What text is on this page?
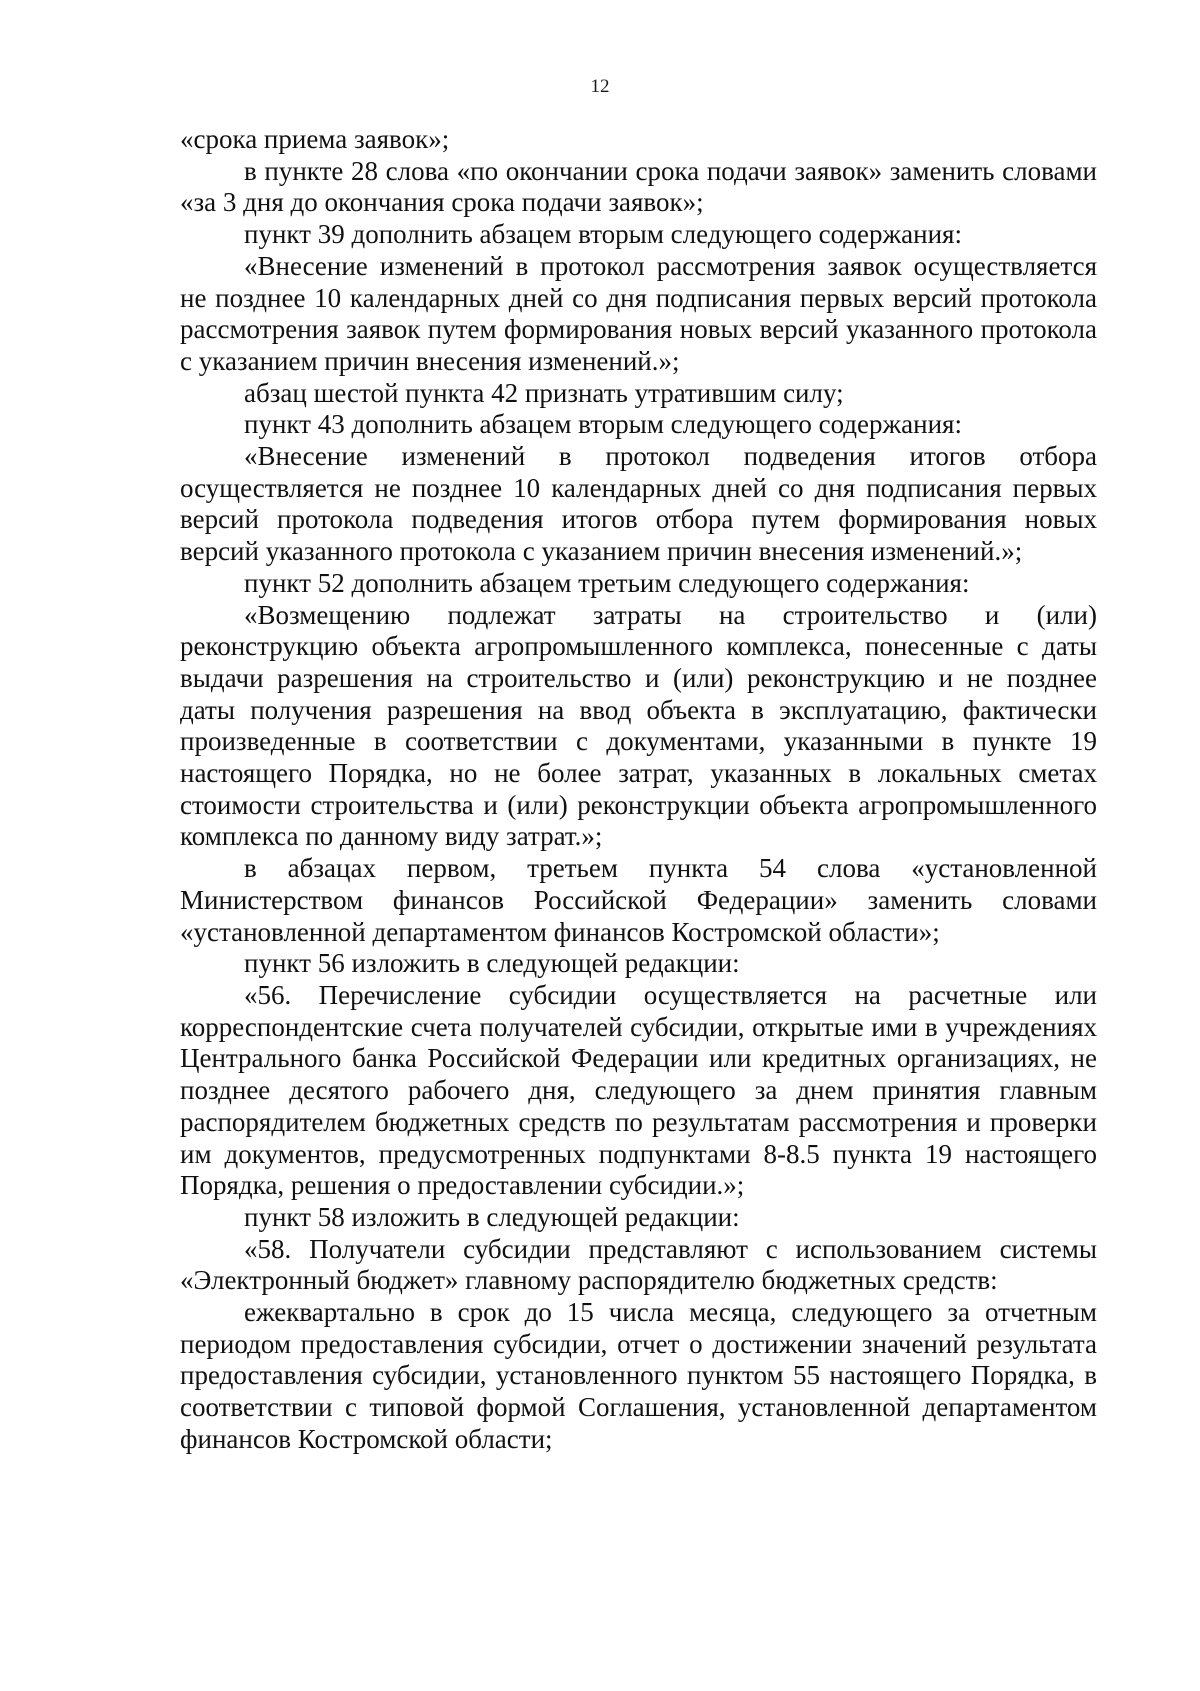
12

«срока приема заявок»;

в пункте 28 слова «по окончании срока подачи заявок» заменить словами «за 3 дня до окончания срока подачи заявок»;

пункт 39 дополнить абзацем вторым следующего содержания:

«Внесение изменений в протокол рассмотрения заявок осуществляется не позднее 10 календарных дней со дня подписания первых версий протокола рассмотрения заявок путем формирования новых версий указанного протокола с указанием причин внесения изменений.»;

абзац шестой пункта 42 признать утратившим силу;

пункт 43 дополнить абзацем вторым следующего содержания:

«Внесение изменений в протокол подведения итогов отбора осуществляется не позднее 10 календарных дней со дня подписания первых версий протокола подведения итогов отбора путем формирования новых версий указанного протокола с указанием причин внесения изменений.»;

пункт 52 дополнить абзацем третьим следующего содержания:

«Возмещению подлежат затраты на строительство и (или) реконструкцию объекта агропромышленного комплекса, понесенные с даты выдачи разрешения на строительство и (или) реконструкцию и не позднее даты получения разрешения на ввод объекта в эксплуатацию, фактически произведенные в соответствии с документами, указанными в пункте 19 настоящего Порядка, но не более затрат, указанных в локальных сметах стоимости строительства и (или) реконструкции объекта агропромышленного комплекса по данному виду затрат.»;

в абзацах первом, третьем пункта 54 слова «установленной Министерством финансов Российской Федерации» заменить словами «установленной департаментом финансов Костромской области»;

пункт 56 изложить в следующей редакции:

«56. Перечисление субсидии осуществляется на расчетные или корреспондентские счета получателей субсидии, открытые ими в учреждениях Центрального банка Российской Федерации или кредитных организациях, не позднее десятого рабочего дня, следующего за днем принятия главным распорядителем бюджетных средств по результатам рассмотрения и проверки им документов, предусмотренных подпунктами 8-8.5 пункта 19 настоящего Порядка, решения о предоставлении субсидии.»;

пункт 58 изложить в следующей редакции:

«58. Получатели субсидии представляют с использованием системы «Электронный бюджет» главному распорядителю бюджетных средств:

ежеквартально в срок до 15 числа месяца, следующего за отчетным периодом предоставления субсидии, отчет о достижении значений результата предоставления субсидии, установленного пунктом 55 настоящего Порядка, в соответствии с типовой формой Соглашения, установленной департаментом финансов Костромской области;
